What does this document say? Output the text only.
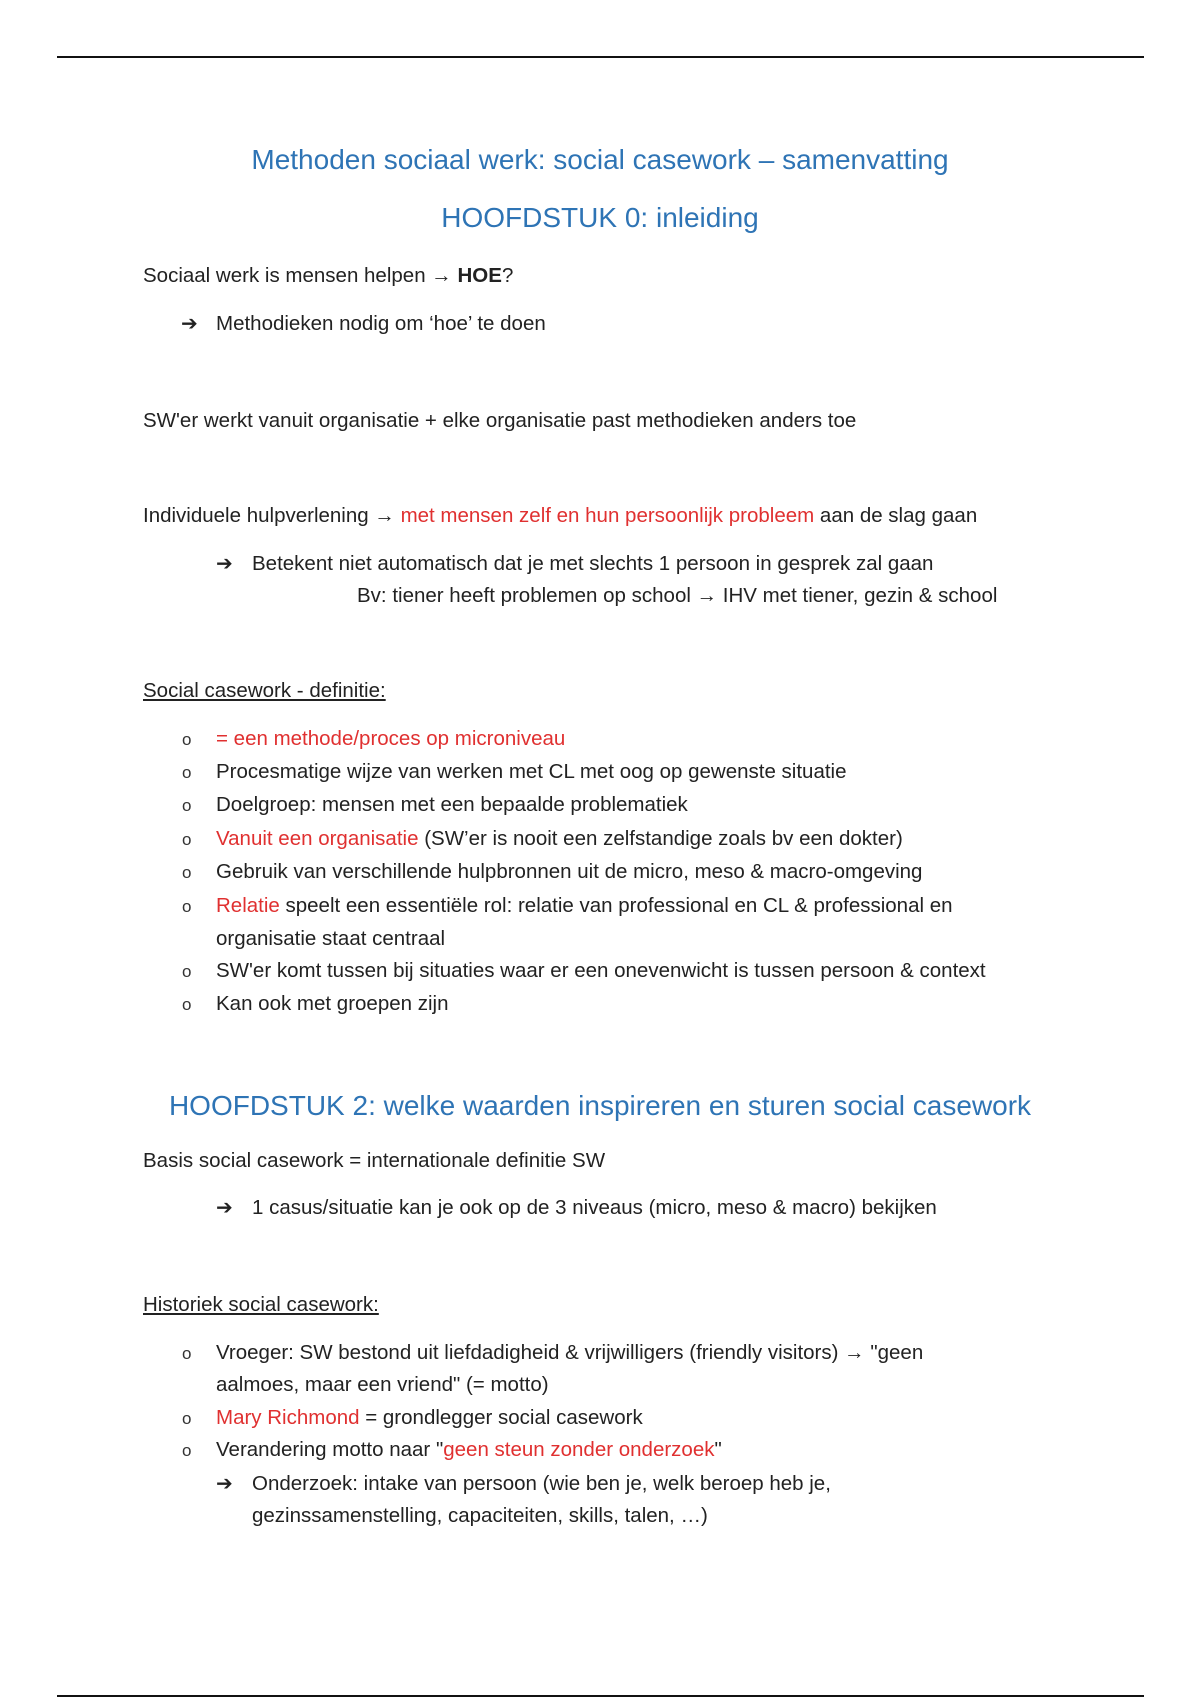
Methoden sociaal werk: social casework – samenvatting
HOOFDSTUK 0: inleiding
Sociaal werk is mensen helpen → HOE?
➔ Methodieken nodig om ‘hoe’ te doen
SW'er werkt vanuit organisatie + elke organisatie past methodieken anders toe
Individuele hulpverlening → met mensen zelf en hun persoonlijk probleem aan de slag gaan
➔ Betekent niet automatisch dat je met slechts 1 persoon in gesprek zal gaan
Bv: tiener heeft problemen op school → IHV met tiener, gezin & school
Social casework - definitie:
o = een methode/proces op microniveau
o Procesmatige wijze van werken met CL met oog op gewenste situatie
o Doelgroep: mensen met een bepaalde problematiek
o Vanuit een organisatie (SW’er is nooit een zelfstandige zoals bv een dokter)
o Gebruik van verschillende hulpbronnen uit de micro, meso & macro-omgeving
o Relatie speelt een essentiële rol: relatie van professional en CL & professional en
organisatie staat centraal
o SW'er komt tussen bij situaties waar er een onevenwicht is tussen persoon & context
o Kan ook met groepen zijn
HOOFDSTUK 2: welke waarden inspireren en sturen social casework
Basis social casework = internationale definitie SW
➔ 1 casus/situatie kan je ook op de 3 niveaus (micro, meso & macro) bekijken
Historiek social casework:
o Vroeger: SW bestond uit liefdadigheid & vrijwilligers (friendly visitors) → "geen
aalmoes, maar een vriend" (= motto)
o Mary Richmond = grondlegger social casework
o Verandering motto naar "geen steun zonder onderzoek"
➔ Onderzoek: intake van persoon (wie ben je, welk beroep heb je,
gezinssamenstelling, capaciteiten, skills, talen, …)
